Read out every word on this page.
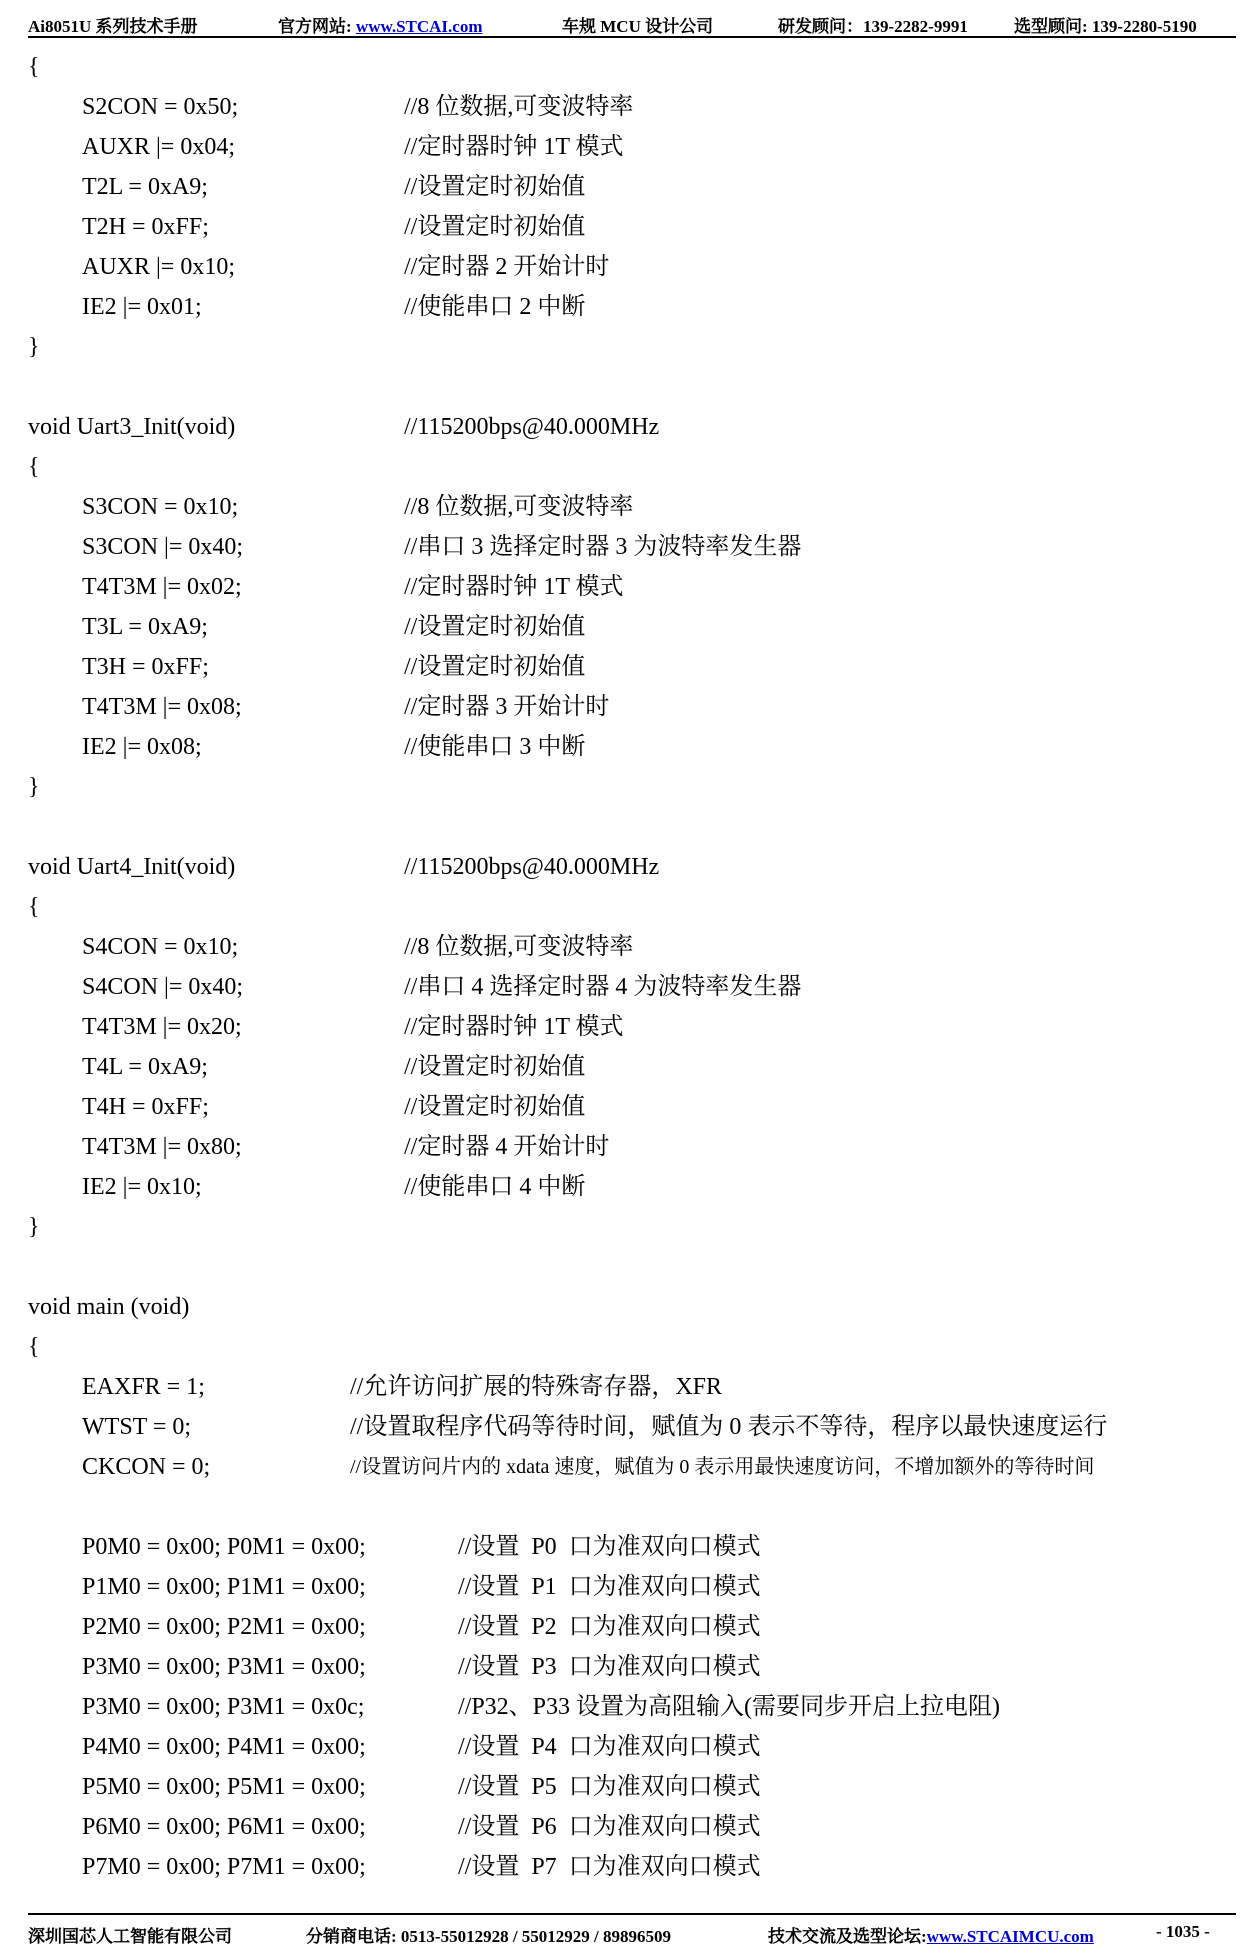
Ai8051U 系列技术手册	官方网站: www.STCAI.com	车规 MCU 设计公司	研发顾问：139-2282-9991	选型顾问: 139-2280-5190
{
S2CON = 0x50;	//8 位数据,可变波特率
AUXR |= 0x04;	//定时器时钟 1T 模式
T2L = 0xA9;	//设置定时初始值
T2H = 0xFF;	//设置定时初始值
AUXR |= 0x10;	//定时器 2 开始计时
IE2 |= 0x01;	//使能串口 2 中断
}
void Uart3_Init(void)	//115200bps@40.000MHz
{
S3CON = 0x10;	//8 位数据,可变波特率
S3CON |= 0x40;	//串口 3 选择定时器 3 为波特率发生器
T4T3M |= 0x02;	//定时器时钟 1T 模式
T3L = 0xA9;	//设置定时初始值
T3H = 0xFF;	//设置定时初始值
T4T3M |= 0x08;	//定时器 3 开始计时
IE2 |= 0x08;	//使能串口 3 中断
}
void Uart4_Init(void)	//115200bps@40.000MHz
{
S4CON = 0x10;	//8 位数据,可变波特率
S4CON |= 0x40;	//串口 4 选择定时器 4 为波特率发生器
T4T3M |= 0x20;	//定时器时钟 1T 模式
T4L = 0xA9;	//设置定时初始值
T4H = 0xFF;	//设置定时初始值
T4T3M |= 0x80;	//定时器 4 开始计时
IE2 |= 0x10;	//使能串口 4 中断
}
void main (void)
{
EAXFR = 1;	//允许访问扩展的特殊寄存器，XFR
WTST = 0;	//设置取程序代码等待时间，赋值为 0 表示不等待，程序以最快速度运行
CKCON = 0;	//设置访问片内的 xdata 速度，赋值为 0 表示用最快速度访问，不增加额外的等待时间
P0M0 = 0x00; P0M1 = 0x00;	//设置  P0  口为准双向口模式
P1M0 = 0x00; P1M1 = 0x00;	//设置  P1  口为准双向口模式
P2M0 = 0x00; P2M1 = 0x00;	//设置  P2  口为准双向口模式
P3M0 = 0x00; P3M1 = 0x00;	//设置  P3  口为准双向口模式
P3M0 = 0x00; P3M1 = 0x0c;	//P32、P33 设置为高阻输入(需要同步开启上拉电阻)
P4M0 = 0x00; P4M1 = 0x00;	//设置  P4  口为准双向口模式
P5M0 = 0x00; P5M1 = 0x00;	//设置  P5  口为准双向口模式
P6M0 = 0x00; P6M1 = 0x00;	//设置  P6  口为准双向口模式
P7M0 = 0x00; P7M1 = 0x00;	//设置  P7  口为准双向口模式
深圳国芯人工智能有限公司	分销商电话: 0513-55012928 / 55012929 / 89896509	技术交流及选型论坛:www.STCAIMCU.com	- 1035 -
